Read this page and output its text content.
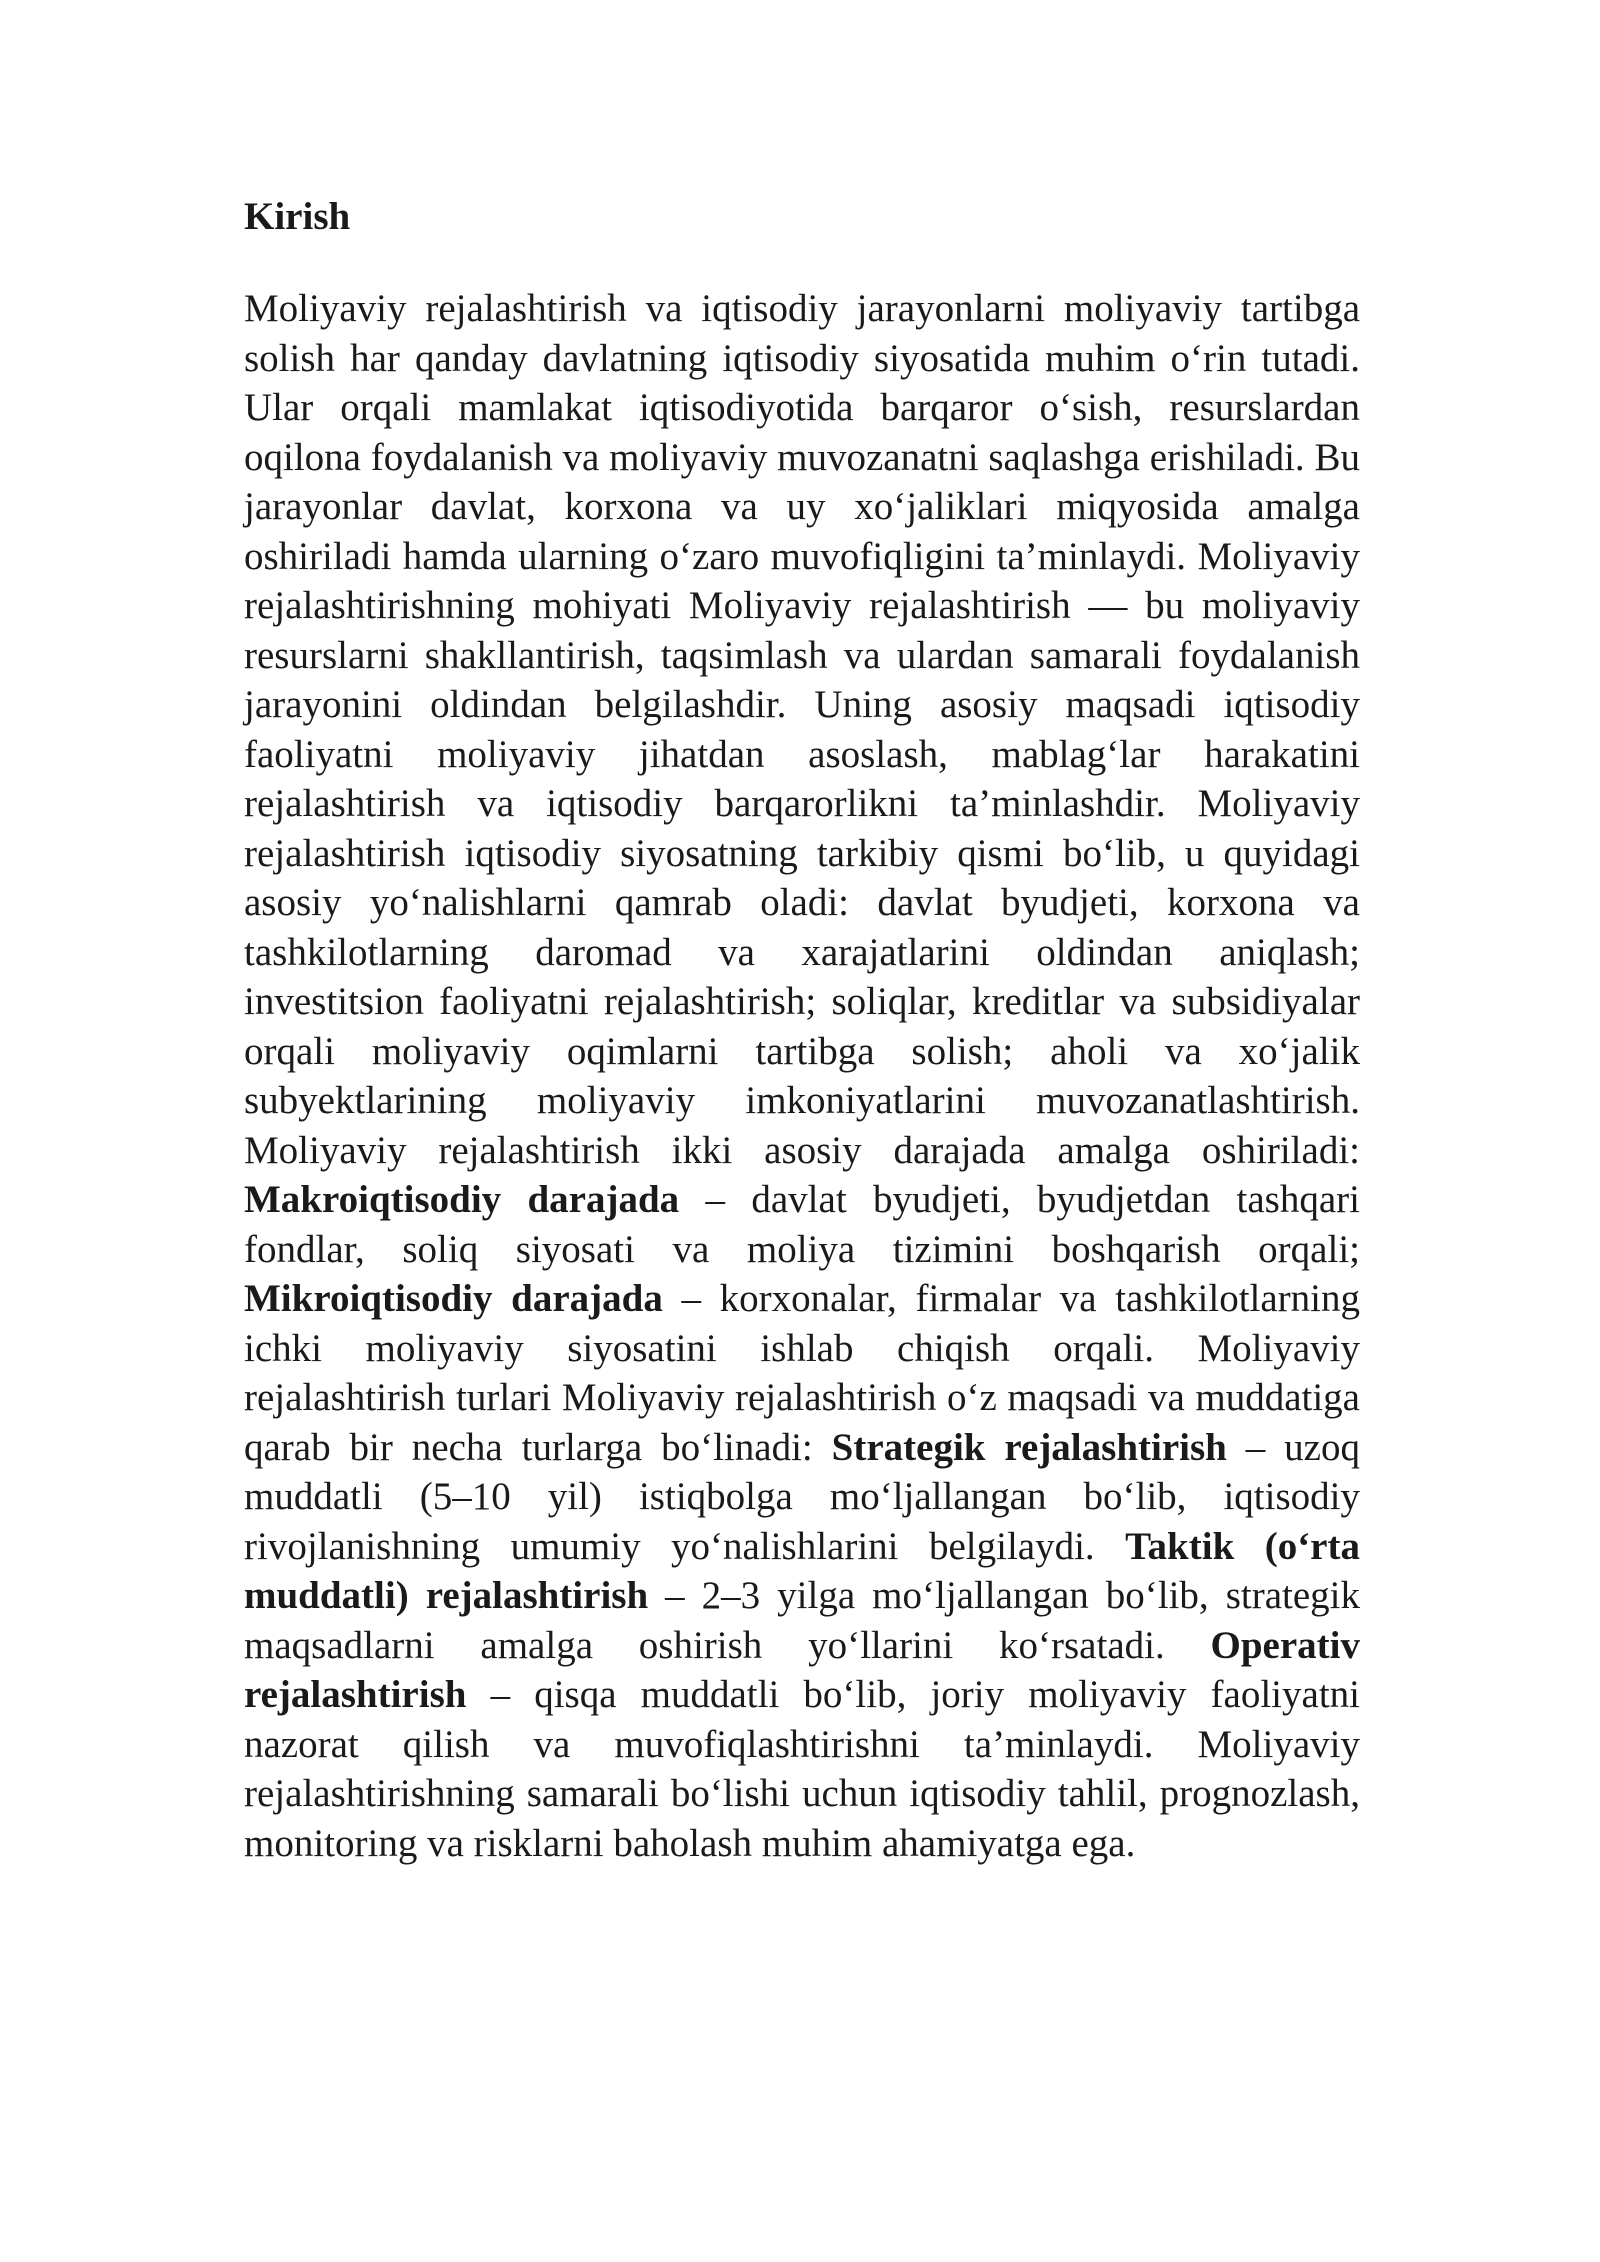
Kirish

Moliyaviy rejalashtirish va iqtisodiy jarayonlarni moliyaviy tartibga solish har qanday davlatning iqtisodiy siyosatida muhim o‘rin tutadi. Ular orqali mamlakat iqtisodiyotida barqaror o‘sish, resurslardan oqilona foydalanish va moliyaviy muvozanatni saqlashga erishiladi. Bu jarayonlar davlat, korxona va uy xo‘jaliklari miqyosida amalga oshiriladi hamda ularning o‘zaro muvofiqligini ta’minlaydi. Moliyaviy rejalashtirishning mohiyati Moliyaviy rejalashtirish — bu moliyaviy resurslarni shakllantirish, taqsimlash va ulardan samarali foydalanish jarayonini oldindan belgilashdir. Uning asosiy maqsadi iqtisodiy faoliyatni moliyaviy jihatdan asoslash, mablag‘lar harakatini rejalashtirish va iqtisodiy barqarorlikni ta’minlashdir. Moliyaviy rejalashtirish iqtisodiy siyosatning tarkibiy qismi bo‘lib, u quyidagi asosiy yo‘nalishlarni qamrab oladi: davlat byudjeti, korxona va tashkilotlarning daromad va xarajatlarini oldindan aniqlash; investitsion faoliyatni rejalashtirish; soliqlar, kreditlar va subsidiyalar orqali moliyaviy oqimlarni tartibga solish; aholi va xo‘jalik subyektlarining moliyaviy imkoniyatlarini muvozanatlashtirish. Moliyaviy rejalashtirish ikki asosiy darajada amalga oshiriladi: Makroiqtisodiy darajada – davlat byudjeti, byudjetdan tashqari fondlar, soliq siyosati va moliya tizimini boshqarish orqali; Mikroiqtisodiy darajada – korxonalar, firmalar va tashkilotlarning ichki moliyaviy siyosatini ishlab chiqish orqali. Moliyaviy rejalashtirish turlari Moliyaviy rejalashtirish o‘z maqsadi va muddatiga qarab bir necha turlarga bo‘linadi: Strategik rejalashtirish – uzoq muddatli (5–10 yil) istiqbolga mo‘ljallangan bo‘lib, iqtisodiy rivojlanishning umumiy yo‘nalishlarini belgilaydi. Taktik (o‘rta muddatli) rejalashtirish – 2–3 yilga mo‘ljallangan bo‘lib, strategik maqsadlarni amalga oshirish yo‘llarini ko‘rsatadi. Operativ rejalashtirish – qisqa muddatli bo‘lib, joriy moliyaviy faoliyatni nazorat qilish va muvofiqlashtirishni ta’minlaydi. Moliyaviy rejalashtirishning samarali bo‘lishi uchun iqtisodiy tahlil, prognozlash, monitoring va risklarni baholash muhim ahamiyatga ega.
